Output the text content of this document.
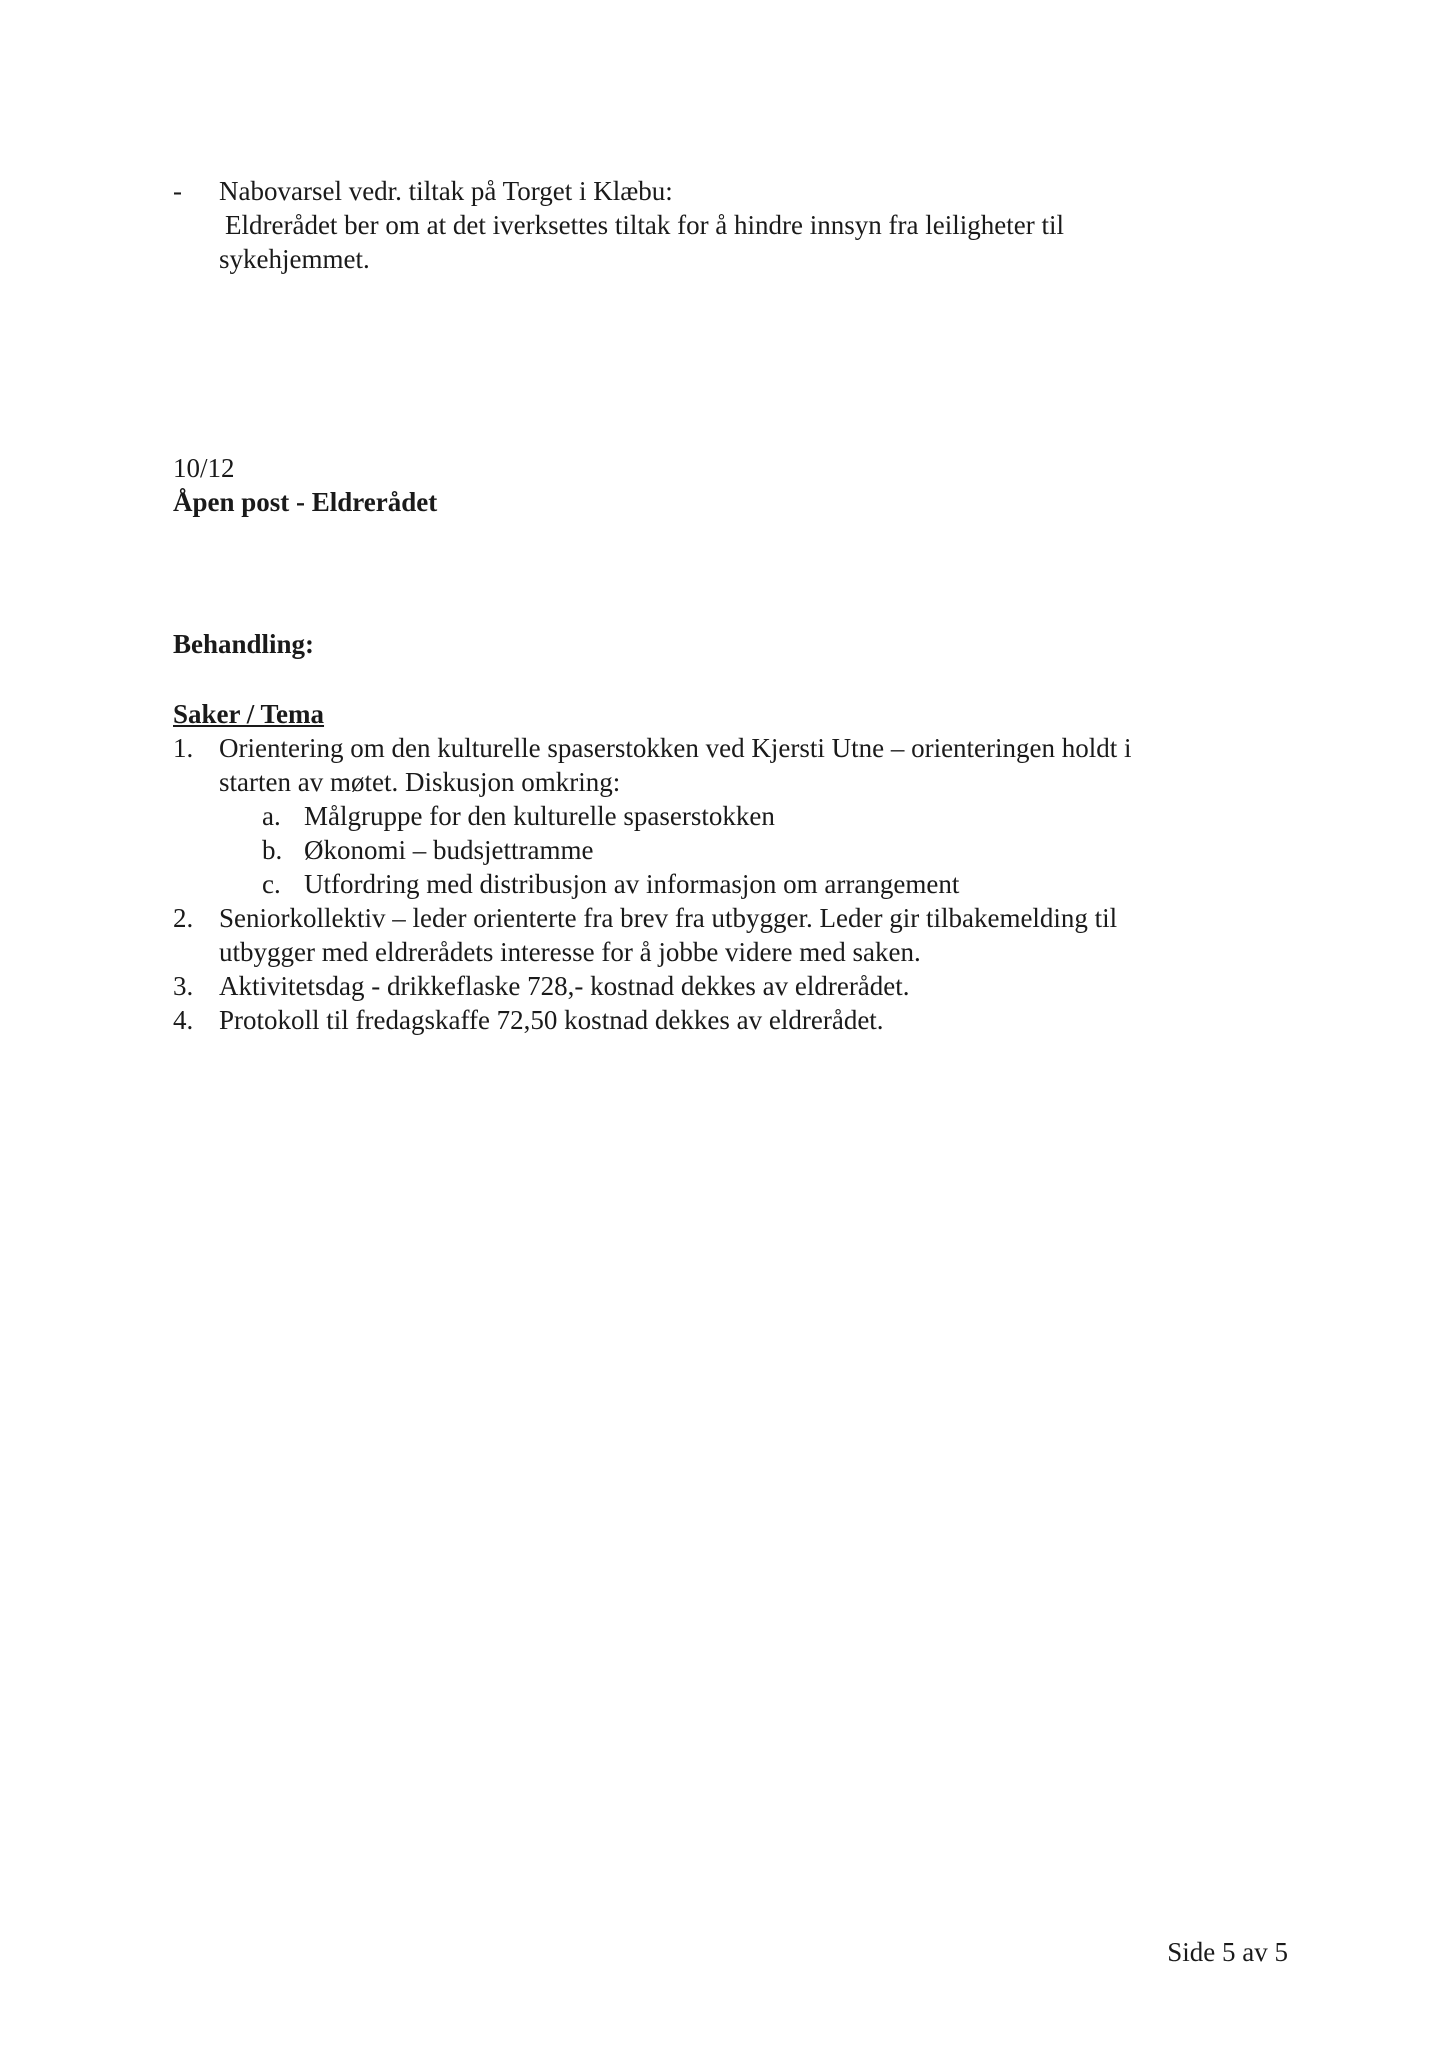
- Nabovarsel vedr. tiltak på Torget i Klæbu:
Eldrerådet ber om at det iverksettes tiltak for å hindre innsyn fra leiligheter til
sykehjemmet.
10/12
Åpen post - Eldrerådet
Behandling:
Saker / Tema
1. Orientering om den kulturelle spaserstokken ved Kjersti Utne – orienteringen holdt i
starten av møtet. Diskusjon omkring:
a. Målgruppe for den kulturelle spaserstokken
b. Økonomi – budsjettramme
c. Utfordring med distribusjon av informasjon om arrangement
2. Seniorkollektiv – leder orienterte fra brev fra utbygger. Leder gir tilbakemelding til
utbygger med eldrerådets interesse for å jobbe videre med saken.
3. Aktivitetsdag - drikkeflaske 728,- kostnad dekkes av eldrerådet.
4. Protokoll til fredagskaffe 72,50 kostnad dekkes av eldrerådet.
Side 5 av 5
